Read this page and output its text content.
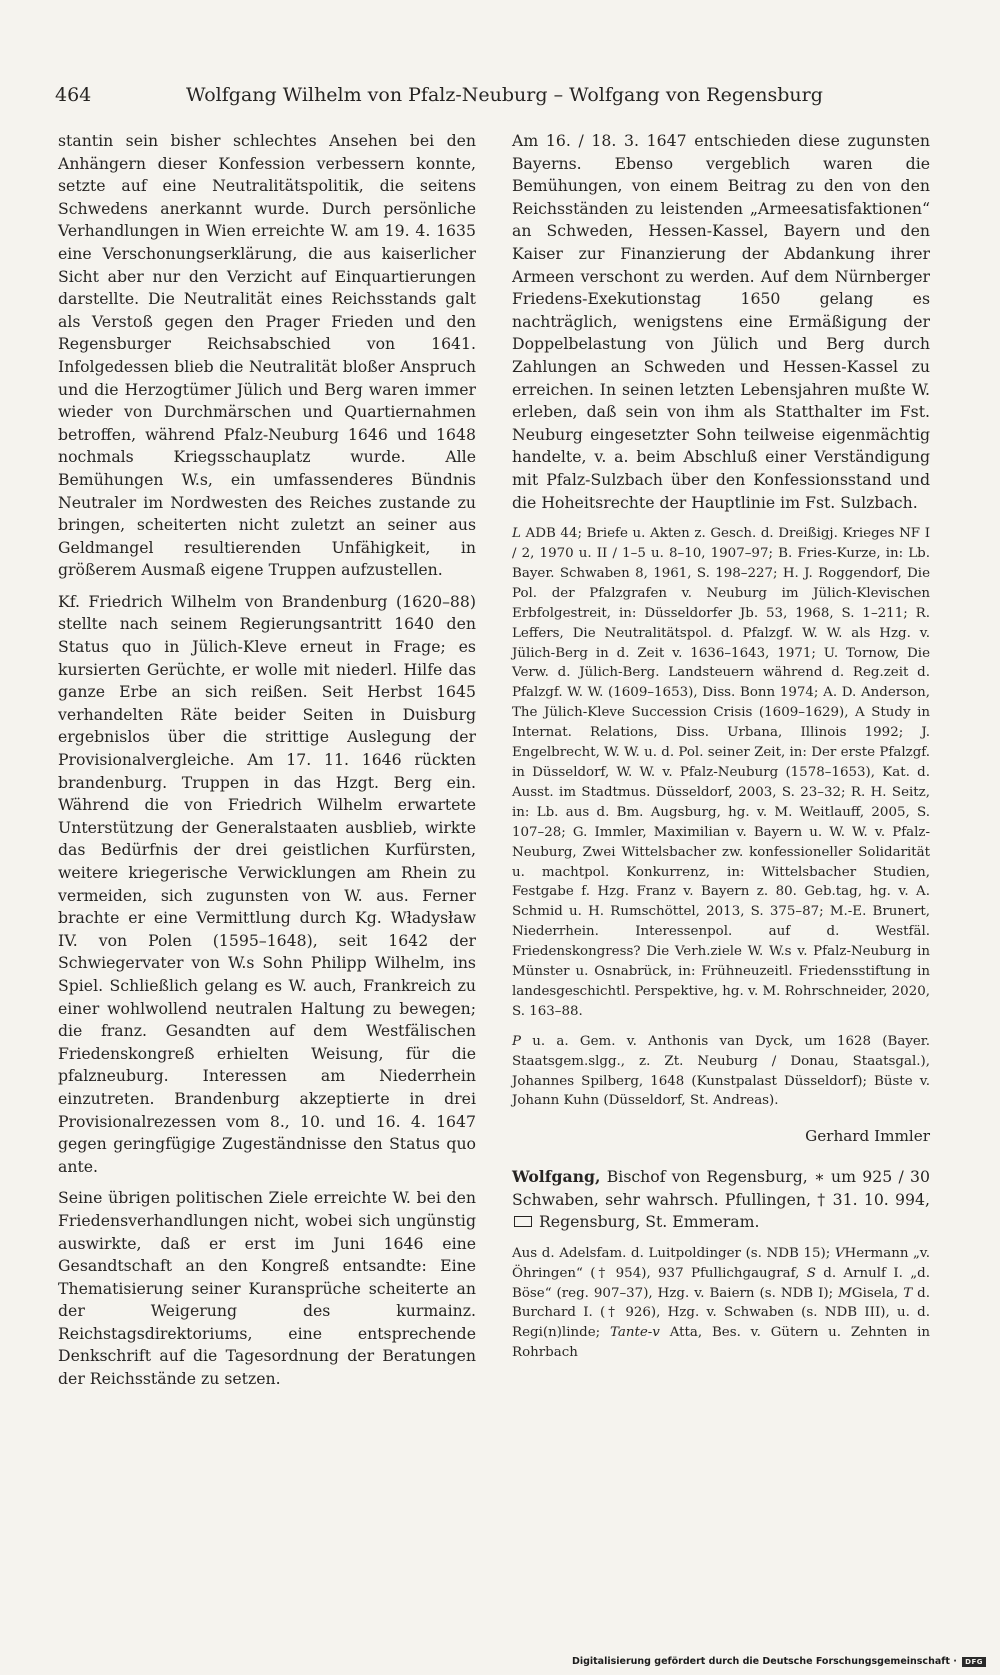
464	Wolfgang Wilhelm von Pfalz-Neuburg – Wolfgang von Regensburg

stantin sein bisher schlechtes Ansehen bei den Anhängern dieser Konfession verbessern konnte, setzte auf eine Neutralitätspolitik, die seitens Schwedens anerkannt wurde. Durch persönliche Verhandlungen in Wien erreichte W. am 19. 4. 1635 eine Verschonungserklärung, die aus kaiserlicher Sicht aber nur den Verzicht auf Einquartierungen darstellte. Die Neutralität eines Reichsstands galt als Verstoß gegen den Prager Frieden und den Regensburger Reichsabschied von 1641. Infolgedessen blieb die Neutralität bloßer Anspruch und die Herzogtümer Jülich und Berg waren immer wieder von Durchmärschen und Quartiernahmen betroffen, während Pfalz-Neuburg 1646 und 1648 nochmals Kriegsschauplatz wurde. Alle Bemühungen W.s, ein umfassenderes Bündnis Neutraler im Nordwesten des Reiches zustande zu bringen, scheiterten nicht zuletzt an seiner aus Geldmangel resultierenden Unfähigkeit, in größerem Ausmaß eigene Truppen aufzustellen.

Kf. Friedrich Wilhelm von Brandenburg (1620–88) stellte nach seinem Regierungsantritt 1640 den Status quo in Jülich-Kleve erneut in Frage; es kursierten Gerüchte, er wolle mit niederl. Hilfe das ganze Erbe an sich reißen. Seit Herbst 1645 verhandelten Räte beider Seiten in Duisburg ergebnislos über die strittige Auslegung der Provisionalvergleiche. Am 17. 11. 1646 rückten brandenburg. Truppen in das Hzgt. Berg ein. Während die von Friedrich Wilhelm erwartete Unterstützung der Generalstaaten ausblieb, wirkte das Bedürfnis der drei geistlichen Kurfürsten, weitere kriegerische Verwicklungen am Rhein zu vermeiden, sich zugunsten von W. aus. Ferner brachte er eine Vermittlung durch Kg. Władysław IV. von Polen (1595–1648), seit 1642 der Schwiegervater von W.s Sohn Philipp Wilhelm, ins Spiel. Schließlich gelang es W. auch, Frankreich zu einer wohlwollend neutralen Haltung zu bewegen; die franz. Gesandten auf dem Westfälischen Friedenskongreß erhielten Weisung, für die pfalzneuburg. Interessen am Niederrhein einzutreten. Brandenburg akzeptierte in drei Provisionalrezessen vom 8., 10. und 16. 4. 1647 gegen geringfügige Zugeständnisse den Status quo ante.

Seine übrigen politischen Ziele erreichte W. bei den Friedensverhandlungen nicht, wobei sich ungünstig auswirkte, daß er erst im Juni 1646 eine Gesandtschaft an den Kongreß entsandte: Eine Thematisierung seiner Kuransprüche scheiterte an der Weigerung des kurmainz. Reichstagsdirektoriums, eine entsprechende Denkschrift auf die Tagesordnung der Beratungen der Reichsstände zu setzen.

Am 16. / 18. 3. 1647 entschieden diese zugunsten Bayerns. Ebenso vergeblich waren die Bemühungen, von einem Beitrag zu den von den Reichsständen zu leistenden „Armeesatisfaktionen“ an Schweden, Hessen-Kassel, Bayern und den Kaiser zur Finanzierung der Abdankung ihrer Armeen verschont zu werden. Auf dem Nürnberger Friedens-Exekutionstag 1650 gelang es nachträglich, wenigstens eine Ermäßigung der Doppelbelastung von Jülich und Berg durch Zahlungen an Schweden und Hessen-Kassel zu erreichen. In seinen letzten Lebensjahren mußte W. erleben, daß sein von ihm als Statthalter im Fst. Neuburg eingesetzter Sohn teilweise eigenmächtig handelte, v. a. beim Abschluß einer Verständigung mit Pfalz-Sulzbach über den Konfessionsstand und die Hoheitsrechte der Hauptlinie im Fst. Sulzbach.

L ADB 44; Briefe u. Akten z. Gesch. d. Dreißigj. Krieges NF I / 2, 1970 u. II / 1–5 u. 8–10, 1907–97; B. Fries-Kurze, in: Lb. Bayer. Schwaben 8, 1961, S. 198–227; H. J. Roggendorf, Die Pol. der Pfalzgrafen v. Neuburg im Jülich-Klevischen Erbfolgestreit, in: Düsseldorfer Jb. 53, 1968, S. 1–211; R. Leffers, Die Neutralitätspol. d. Pfalzgf. W. W. als Hzg. v. Jülich-Berg in d. Zeit v. 1636–1643, 1971; U. Tornow, Die Verw. d. Jülich-Berg. Landsteuern während d. Reg.zeit d. Pfalzgf. W. W. (1609–1653), Diss. Bonn 1974; A. D. Anderson, The Jülich-Kleve Succession Crisis (1609–1629), A Study in Internat. Relations, Diss. Urbana, Illinois 1992; J. Engelbrecht, W. W. u. d. Pol. seiner Zeit, in: Der erste Pfalzgf. in Düsseldorf, W. W. v. Pfalz-Neuburg (1578–1653), Kat. d. Ausst. im Stadtmus. Düsseldorf, 2003, S. 23–32; R. H. Seitz, in: Lb. aus d. Bm. Augsburg, hg. v. M. Weitlauff, 2005, S. 107–28; G. Immler, Maximilian v. Bayern u. W. W. v. Pfalz-Neuburg, Zwei Wittelsbacher zw. konfessioneller Solidarität u. machtpol. Konkurrenz, in: Wittelsbacher Studien, Festgabe f. Hzg. Franz v. Bayern z. 80. Geb.tag, hg. v. A. Schmid u. H. Rumschöttel, 2013, S. 375–87; M.-E. Brunert, Niederrhein. Interessenpol. auf d. Westfäl. Friedenskongress? Die Verh.ziele W. W.s v. Pfalz-Neuburg in Münster u. Osnabrück, in: Frühneuzeitl. Friedensstiftung in landesgeschichtl. Perspektive, hg. v. M. Rohrschneider, 2020, S. 163–88.
P u. a. Gem. v. Anthonis van Dyck, um 1628 (Bayer. Staatsgem.slgg., z. Zt. Neuburg / Donau, Staatsgal.), Johannes Spilberg, 1648 (Kunstpalast Düsseldorf); Büste v. Johann Kuhn (Düsseldorf, St. Andreas).
Gerhard Immler
Wolfgang, Bischof von Regensburg, ∗ um 925 / 30 Schwaben, sehr wahrsch. Pfullingen, † 31. 10. 994,  Regensburg, St. Emmeram.
Aus d. Adelsfam. d. Luitpoldinger (s. NDB 15); VHermann „v. Öhringen“ († 954), 937 Pfullichgaugraf, S d. Arnulf I. „d. Böse“ (reg. 907–37), Hzg. v. Baiern (s. NDB I); MGisela, T d. Burchard I. († 926), Hzg. v. Schwaben (s. NDB III), u. d. Regi(n)linde; Tante-v Atta, Bes. v. Gütern u. Zehnten in Rohrbach
Digitalisierung gefördert durch die Deutsche Forschungsgemeinschaft · DFG
